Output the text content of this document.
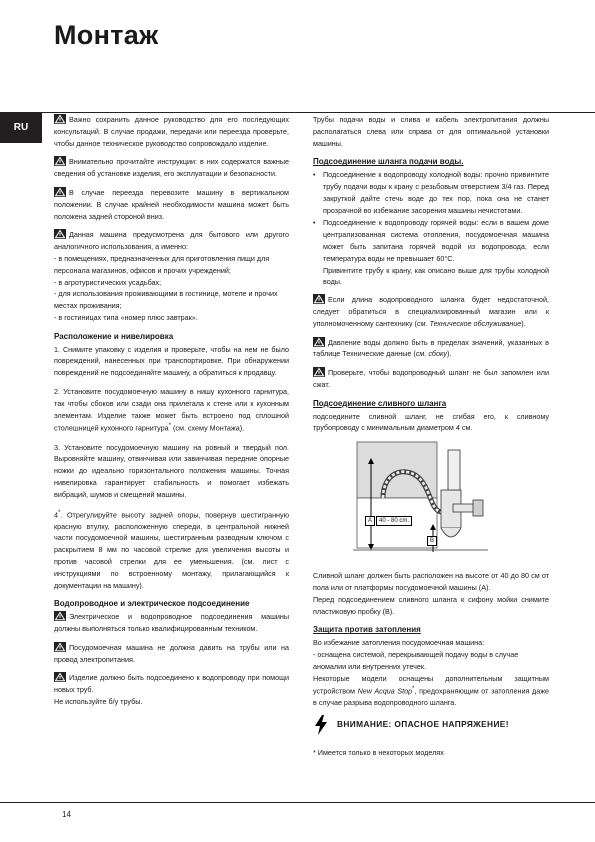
Монтаж
RU

Важно сохранить данное руководство для его последующих консультаций. В случае продажи, передачи или переезда проверьте, чтобы данное техническое руководство сопровождало изделие.

Внимательно прочитайте инструкции: в них содержатся важные сведения об установке изделия, его эксплуатации и безопасности.

В случае переезда перевозите машину в вертикальном положении. В случае крайней необходимости машина может быть положена задней стороной вниз.

Данная машина предусмотрена для бытового или другого аналогичного использования, а именно:

- в помещениях, предназначенных для приготовления пищи для персонала магазинов, офисов и прочих учреждений;
- в агротуристических усадьбах;
- для использования проживающими в гостинице, мотеле и прочих местах проживания;
- в гостиницах типа «номер плюс завтрак».
Расположение и нивелировка

1. Снимите упаковку с изделия и проверьте, чтобы на нем не было повреждений, нанесенных при транспортировке. При обнаружении повреждений не подсоединяйте машину, а обратиться к продавцу.

2. Установите посудомоечную машину в нишу кухонного гарнитура, так чтобы сбоков или сзади она прилегала к стене или к кухонным элементам. Изделие также может быть встроено под сплошной столешницей кухонного гарнитура* (см. схему Монтажа).

3. Установите посудомоечную машину на ровный и твердый пол. Выровняйте машину, отвинчивая или завинчивая передние опорные ножки до идеально горизонтального положения машины. Точная нивелировка гарантирует стабильность и помогает избежать вибраций, шумов и смещений машины.

4*. Отрегулируйте высоту задней опоры, повернув шестигранную красную втулку, расположенную спереди, в центральной нижней части посудомоечной машины, шестигранным разводным ключом с раскрытием 8 мм по часовой стрелке для увеличения высоты и против часовой стрелки для ее уменьшения. (см. лист с инструкциями по встроенному монтажу, прилагающийся к документации на машину).

Водопроводное и электрическое подсоединение

Электрическое и водопроводное подсоединения машины должны выполняться только квалифицированным техником.

Посудомоечная машина не должна давить на трубы или на провод электропитания.

Изделие должно быть подсоединено к водопроводу при помощи новых труб.

Не используйте б/у трубы.

Трубы подачи воды и слива и кабель электропитания должны располагаться слева или справа от для оптимальной установки машины.

Подсоединение шланга подачи воды.
• Подсоединение к водопроводу холодной воды: прочно привинтите трубу подачи воды к крану с резьбовым отверстием 3/4 газ. Перед закруткой дайте стечь воде до тех пор, пока она не станет прозрачной во избежание засорения машины нечистотами.
• Подсоединение к водопроводу горячей воды: если в вашем доме централизованная система отопления, посудомоечная машина может быть запитана горячей водой из водопровода, если температура воды не превышает 60°C.
Привинтите трубу к крану, как описано выше для трубы холодной воды.

Если длина водопроводного шланга будет недостаточной, следует обратиться в специализированный магазин или к уполномоченному сантехнику (см. Техническое обслуживание).

Давление воды должно быть в пределах значений, указанных в таблице Технические данные (см. сбоку).

Проверьте, чтобы водопроводный шланг не был запомлен или сжат.

Подсоединение сливного шланга
подсоедините сливной шланг, не сгибая его, к сливному трубопроводу с минимальным диаметром 4 см.
A	40 - 80 cm.
B

Сливной шланг должен быть расположен на высоте от 40 до 80 см от пола или от платформы посудомоечной машины (А).

Перед подсоединением сливного шланга к сифону мойки снимите пластиковую пробку (В).

Защита против затопления
Во избежание затопления посудомоечная машина:
- оснащена системой, перекрывающей подачу воды в случае аномалии или внутренних утечек.
Некоторые модели оснащены дополнительным защитным устройством New Acqua Stop*, предохраняющим от затопления даже в случае разрыва водопроводного шланга.
ВНИМАНИЕ: ОПАСНОЕ НАПРЯЖЕНИЕ!
* Имеется только в некоторых моделях
14
